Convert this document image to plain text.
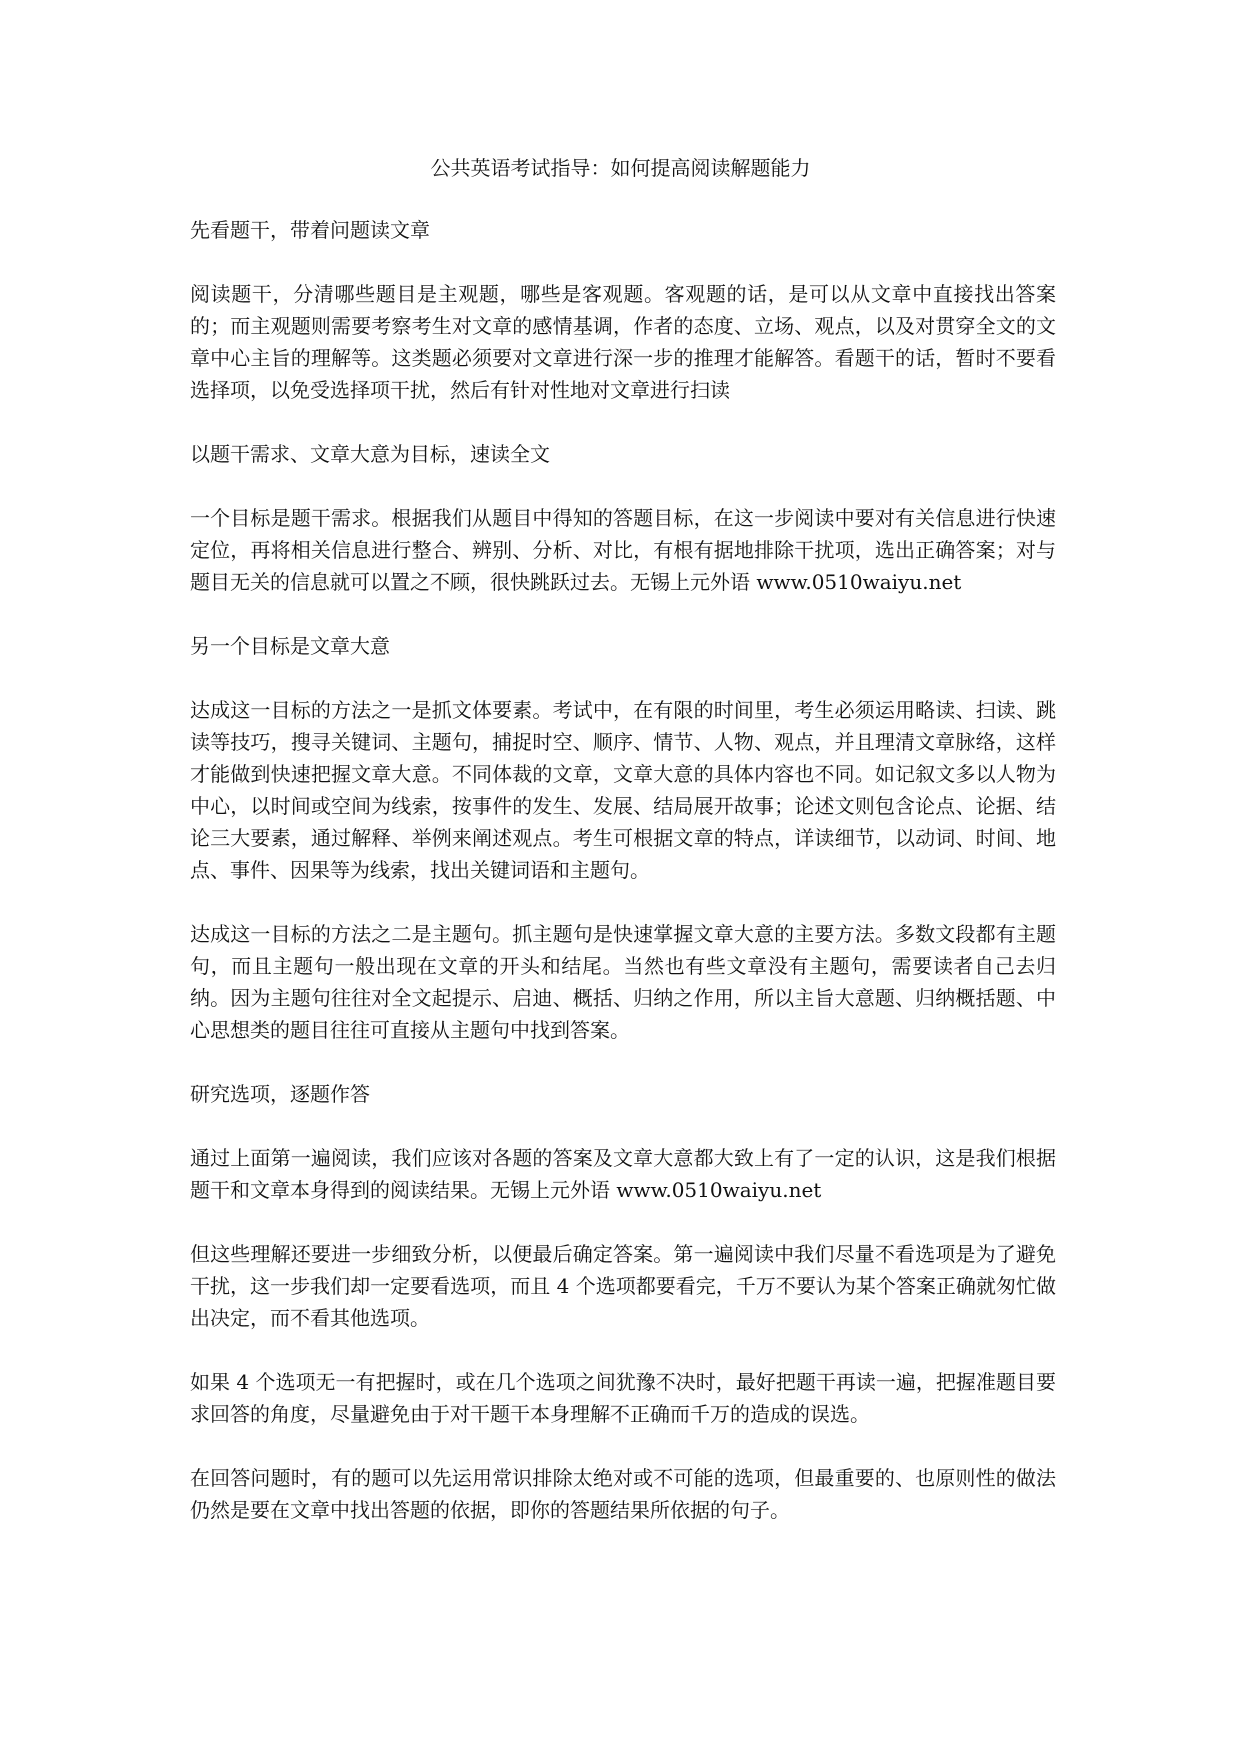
公共英语考试指导：如何提高阅读解题能力

先看题干，带着问题读文章

阅读题干，分清哪些题目是主观题，哪些是客观题。客观题的话，是可以从文章中直接找出答案的；而主观题则需要考察考生对文章的感情基调，作者的态度、立场、观点，以及对贯穿全文的文章中心主旨的理解等。这类题必须要对文章进行深一步的推理才能解答。看题干的话，暂时不要看选择项，以免受选择项干扰，然后有针对性地对文章进行扫读

以题干需求、文章大意为目标，速读全文

一个目标是题干需求。根据我们从题目中得知的答题目标，在这一步阅读中要对有关信息进行快速定位，再将相关信息进行整合、辨别、分析、对比，有根有据地排除干扰项，选出正确答案；对与题目无关的信息就可以置之不顾，很快跳跃过去。无锡上元外语 www.0510waiyu.net

另一个目标是文章大意

达成这一目标的方法之一是抓文体要素。考试中，在有限的时间里，考生必须运用略读、扫读、跳读等技巧，搜寻关键词、主题句，捕捉时空、顺序、情节、人物、观点，并且理清文章脉络，这样才能做到快速把握文章大意。不同体裁的文章，文章大意的具体内容也不同。如记叙文多以人物为中心，以时间或空间为线索，按事件的发生、发展、结局展开故事；论述文则包含论点、论据、结论三大要素，通过解释、举例来阐述观点。考生可根据文章的特点，详读细节，以动词、时间、地点、事件、因果等为线索，找出关键词语和主题句。

达成这一目标的方法之二是主题句。抓主题句是快速掌握文章大意的主要方法。多数文段都有主题句，而且主题句一般出现在文章的开头和结尾。当然也有些文章没有主题句，需要读者自己去归纳。因为主题句往往对全文起提示、启迪、概括、归纳之作用，所以主旨大意题、归纳概括题、中心思想类的题目往往可直接从主题句中找到答案。

研究选项，逐题作答

通过上面第一遍阅读，我们应该对各题的答案及文章大意都大致上有了一定的认识，这是我们根据题干和文章本身得到的阅读结果。无锡上元外语 www.0510waiyu.net

但这些理解还要进一步细致分析，以便最后确定答案。第一遍阅读中我们尽量不看选项是为了避免干扰，这一步我们却一定要看选项，而且 4 个选项都要看完，千万不要认为某个答案正确就匆忙做出决定，而不看其他选项。

如果 4 个选项无一有把握时，或在几个选项之间犹豫不决时，最好把题干再读一遍，把握准题目要求回答的角度，尽量避免由于对干题干本身理解不正确而千万的造成的误选。

在回答问题时，有的题可以先运用常识排除太绝对或不可能的选项，但最重要的、也原则性的做法仍然是要在文章中找出答题的依据，即你的答题结果所依据的句子。
